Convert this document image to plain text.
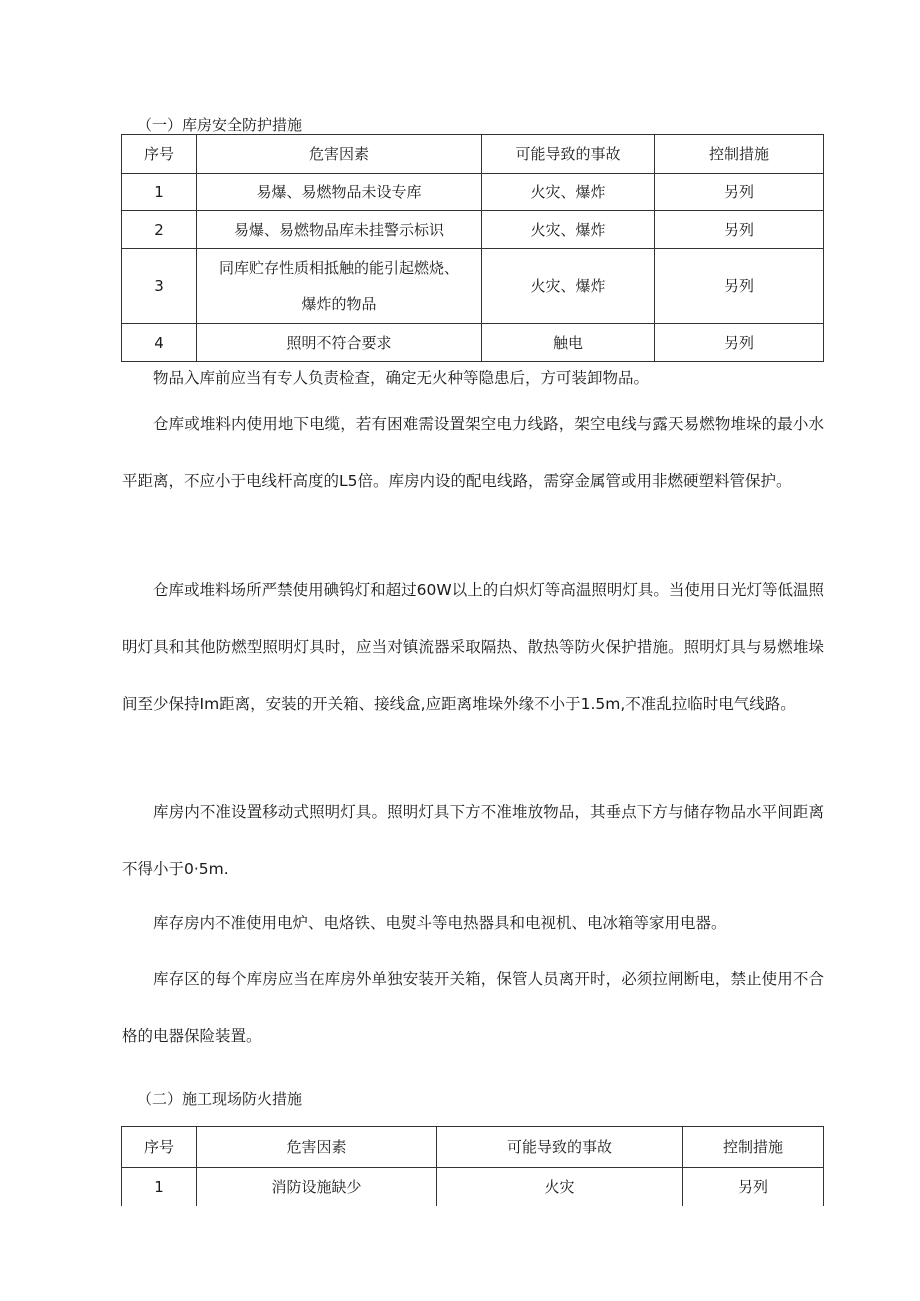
（一）库房安全防护措施
序号	危害因素	可能导致的事故	控制措施
1	易爆、易燃物品未设专库	火灾、爆炸	另列
2	易爆、易燃物品库未挂警示标识	火灾、爆炸	另列
3	同库贮存性质相抵触的能引起燃烧、爆炸的物品	火灾、爆炸	另列
4	照明不符合要求	触电	另列

物品入库前应当有专人负责检查，确定无火种等隐患后，方可装卸物品。

仓库或堆料内使用地下电缆，若有困难需设置架空电力线路，架空电线与露天易燃物堆垛的最小水平距离，不应小于电线杆高度的L5倍。库房内设的配电线路，需穿金属管或用非燃硬塑料管保护。

仓库或堆料场所严禁使用碘钨灯和超过60W以上的白炽灯等高温照明灯具。当使用日光灯等低温照明灯具和其他防燃型照明灯具时，应当对镇流器采取隔热、散热等防火保护措施。照明灯具与易燃堆垛间至少保持Im距离，安装的开关箱、接线盒,应距离堆垛外缘不小于1.5m,不准乱拉临时电气线路。

库房内不准设置移动式照明灯具。照明灯具下方不准堆放物品，其垂点下方与储存物品水平间距离不得小于0·5m.

库存房内不准使用电炉、电烙铁、电熨斗等电热器具和电视机、电冰箱等家用电器。

库存区的每个库房应当在库房外单独安装开关箱，保管人员离开时，必须拉闸断电，禁止使用不合格的电器保险装置。

（二）施工现场防火措施
序号	危害因素	可能导致的事故	控制措施
1	消防设施缺少	火灾	另列
